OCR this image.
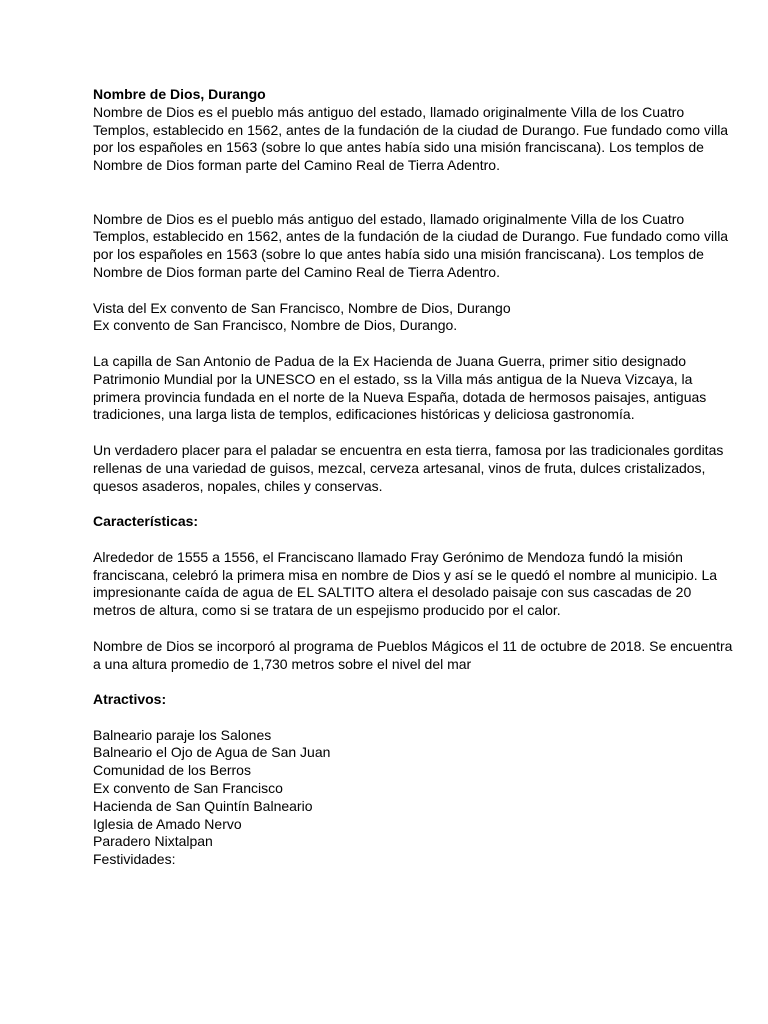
Nombre de Dios, Durango

Nombre de Dios es el pueblo más antiguo del estado, llamado originalmente Villa de los Cuatro Templos, establecido en 1562, antes de la fundación de la ciudad de Durango. Fue fundado como villa por los españoles en 1563 (sobre lo que antes había sido una misión franciscana). Los templos de Nombre de Dios forman parte del Camino Real de Tierra Adentro.

Nombre de Dios es el pueblo más antiguo del estado, llamado originalmente Villa de los Cuatro Templos, establecido en 1562, antes de la fundación de la ciudad de Durango. Fue fundado como villa por los españoles en 1563 (sobre lo que antes había sido una misión franciscana). Los templos de Nombre de Dios forman parte del Camino Real de Tierra Adentro.

Vista del Ex convento de San Francisco, Nombre de Dios, Durango

Ex convento de San Francisco, Nombre de Dios, Durango.

La capilla de San Antonio de Padua de la Ex Hacienda de Juana Guerra, primer sitio designado Patrimonio Mundial por la UNESCO en el estado, ss la Villa más antigua de la Nueva Vizcaya, la primera provincia fundada en el norte de la Nueva España, dotada de hermosos paisajes, antiguas tradiciones, una larga lista de templos, edificaciones históricas y deliciosa gastronomía.

Un verdadero placer para el paladar se encuentra en esta tierra, famosa por las tradicionales gorditas rellenas de una variedad de guisos, mezcal, cerveza artesanal, vinos de fruta, dulces cristalizados, quesos asaderos, nopales, chiles y conservas.

Características:

Alrededor de 1555 a 1556, el Franciscano llamado Fray Gerónimo de Mendoza fundó la misión franciscana, celebró la primera misa en nombre de Dios y así se le quedó el nombre al municipio. La impresionante caída de agua de EL SALTITO altera el desolado paisaje con sus cascadas de 20 metros de altura, como si se tratara de un espejismo producido por el calor.

Nombre de Dios se incorporó al programa de Pueblos Mágicos el 11 de octubre de 2018. Se encuentra a una altura promedio de 1,730 metros sobre el nivel del mar

Atractivos:

Balneario paraje los Salones

Balneario el Ojo de Agua de San Juan

Comunidad de los Berros

Ex convento de San Francisco

Hacienda de San Quintín Balneario

Iglesia de Amado Nervo

Paradero Nixtalpan

Festividades:
